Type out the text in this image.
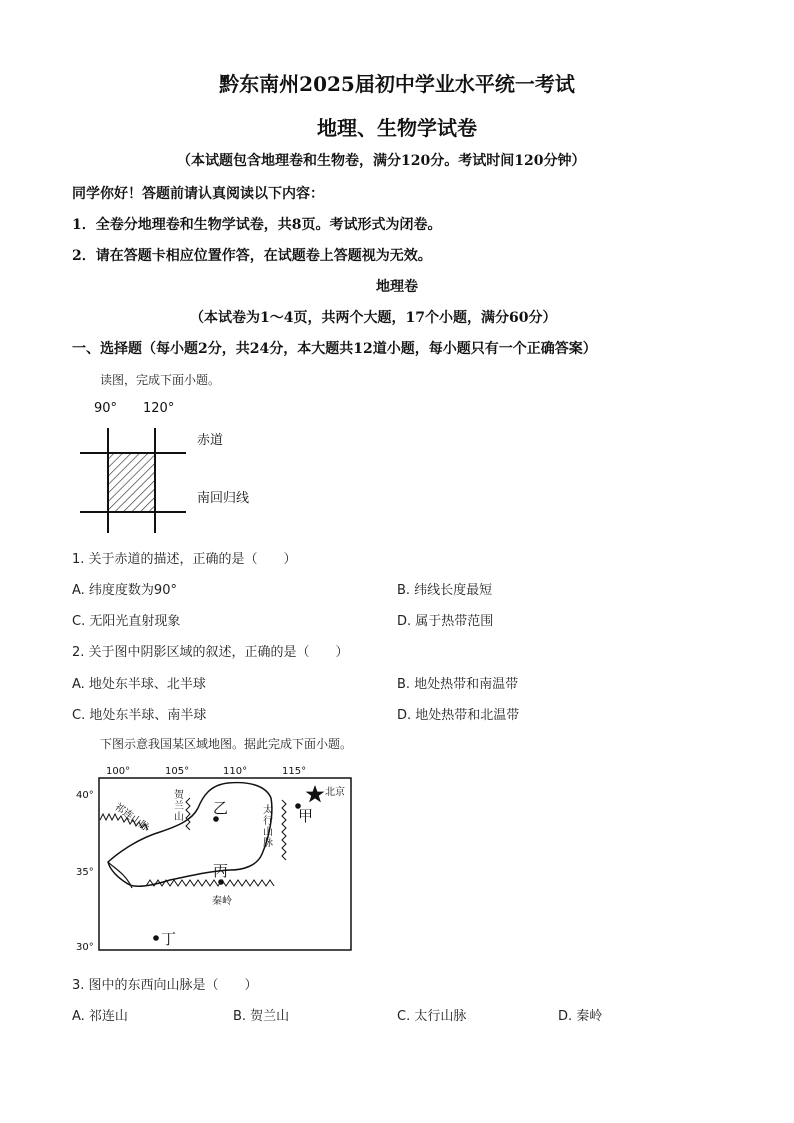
黔东南州2025届初中学业水平统一考试
地理、生物学试卷
（本试题包含地理卷和生物卷，满分120分。考试时间120分钟）
同学你好！答题前请认真阅读以下内容：
1．全卷分地理卷和生物学试卷，共8页。考试形式为闭卷。
2．请在答题卡相应位置作答，在试题卷上答题视为无效。
地理卷
（本试卷为1～4页，共两个大题，17个小题，满分60分）
一、选择题（每小题2分，共24分，本大题共12道小题，每小题只有一个正确答案）
读图，完成下面小题。
90° 120°
赤道
南回归线
1. 关于赤道的描述，正确的是（　　）
A. 纬度度数为90°	B. 纬线长度最短
C. 无阳光直射现象	D. 属于热带范围
2. 关于图中阴影区域的叙述，正确的是（　　）
A. 地处东半球、北半球	B. 地处热带和南温带
C. 地处东半球、南半球	D. 地处热带和北温带
下图示意我国某区域地图。据此完成下面小题。
100°	105°	110°	115°
40°
35°
30°
北京
甲
乙
丙
丁
祁连山脉
贺兰山
太行山脉
秦岭
3. 图中的东西向山脉是（　　）
A. 祁连山	B. 贺兰山	C. 太行山脉	D. 秦岭
